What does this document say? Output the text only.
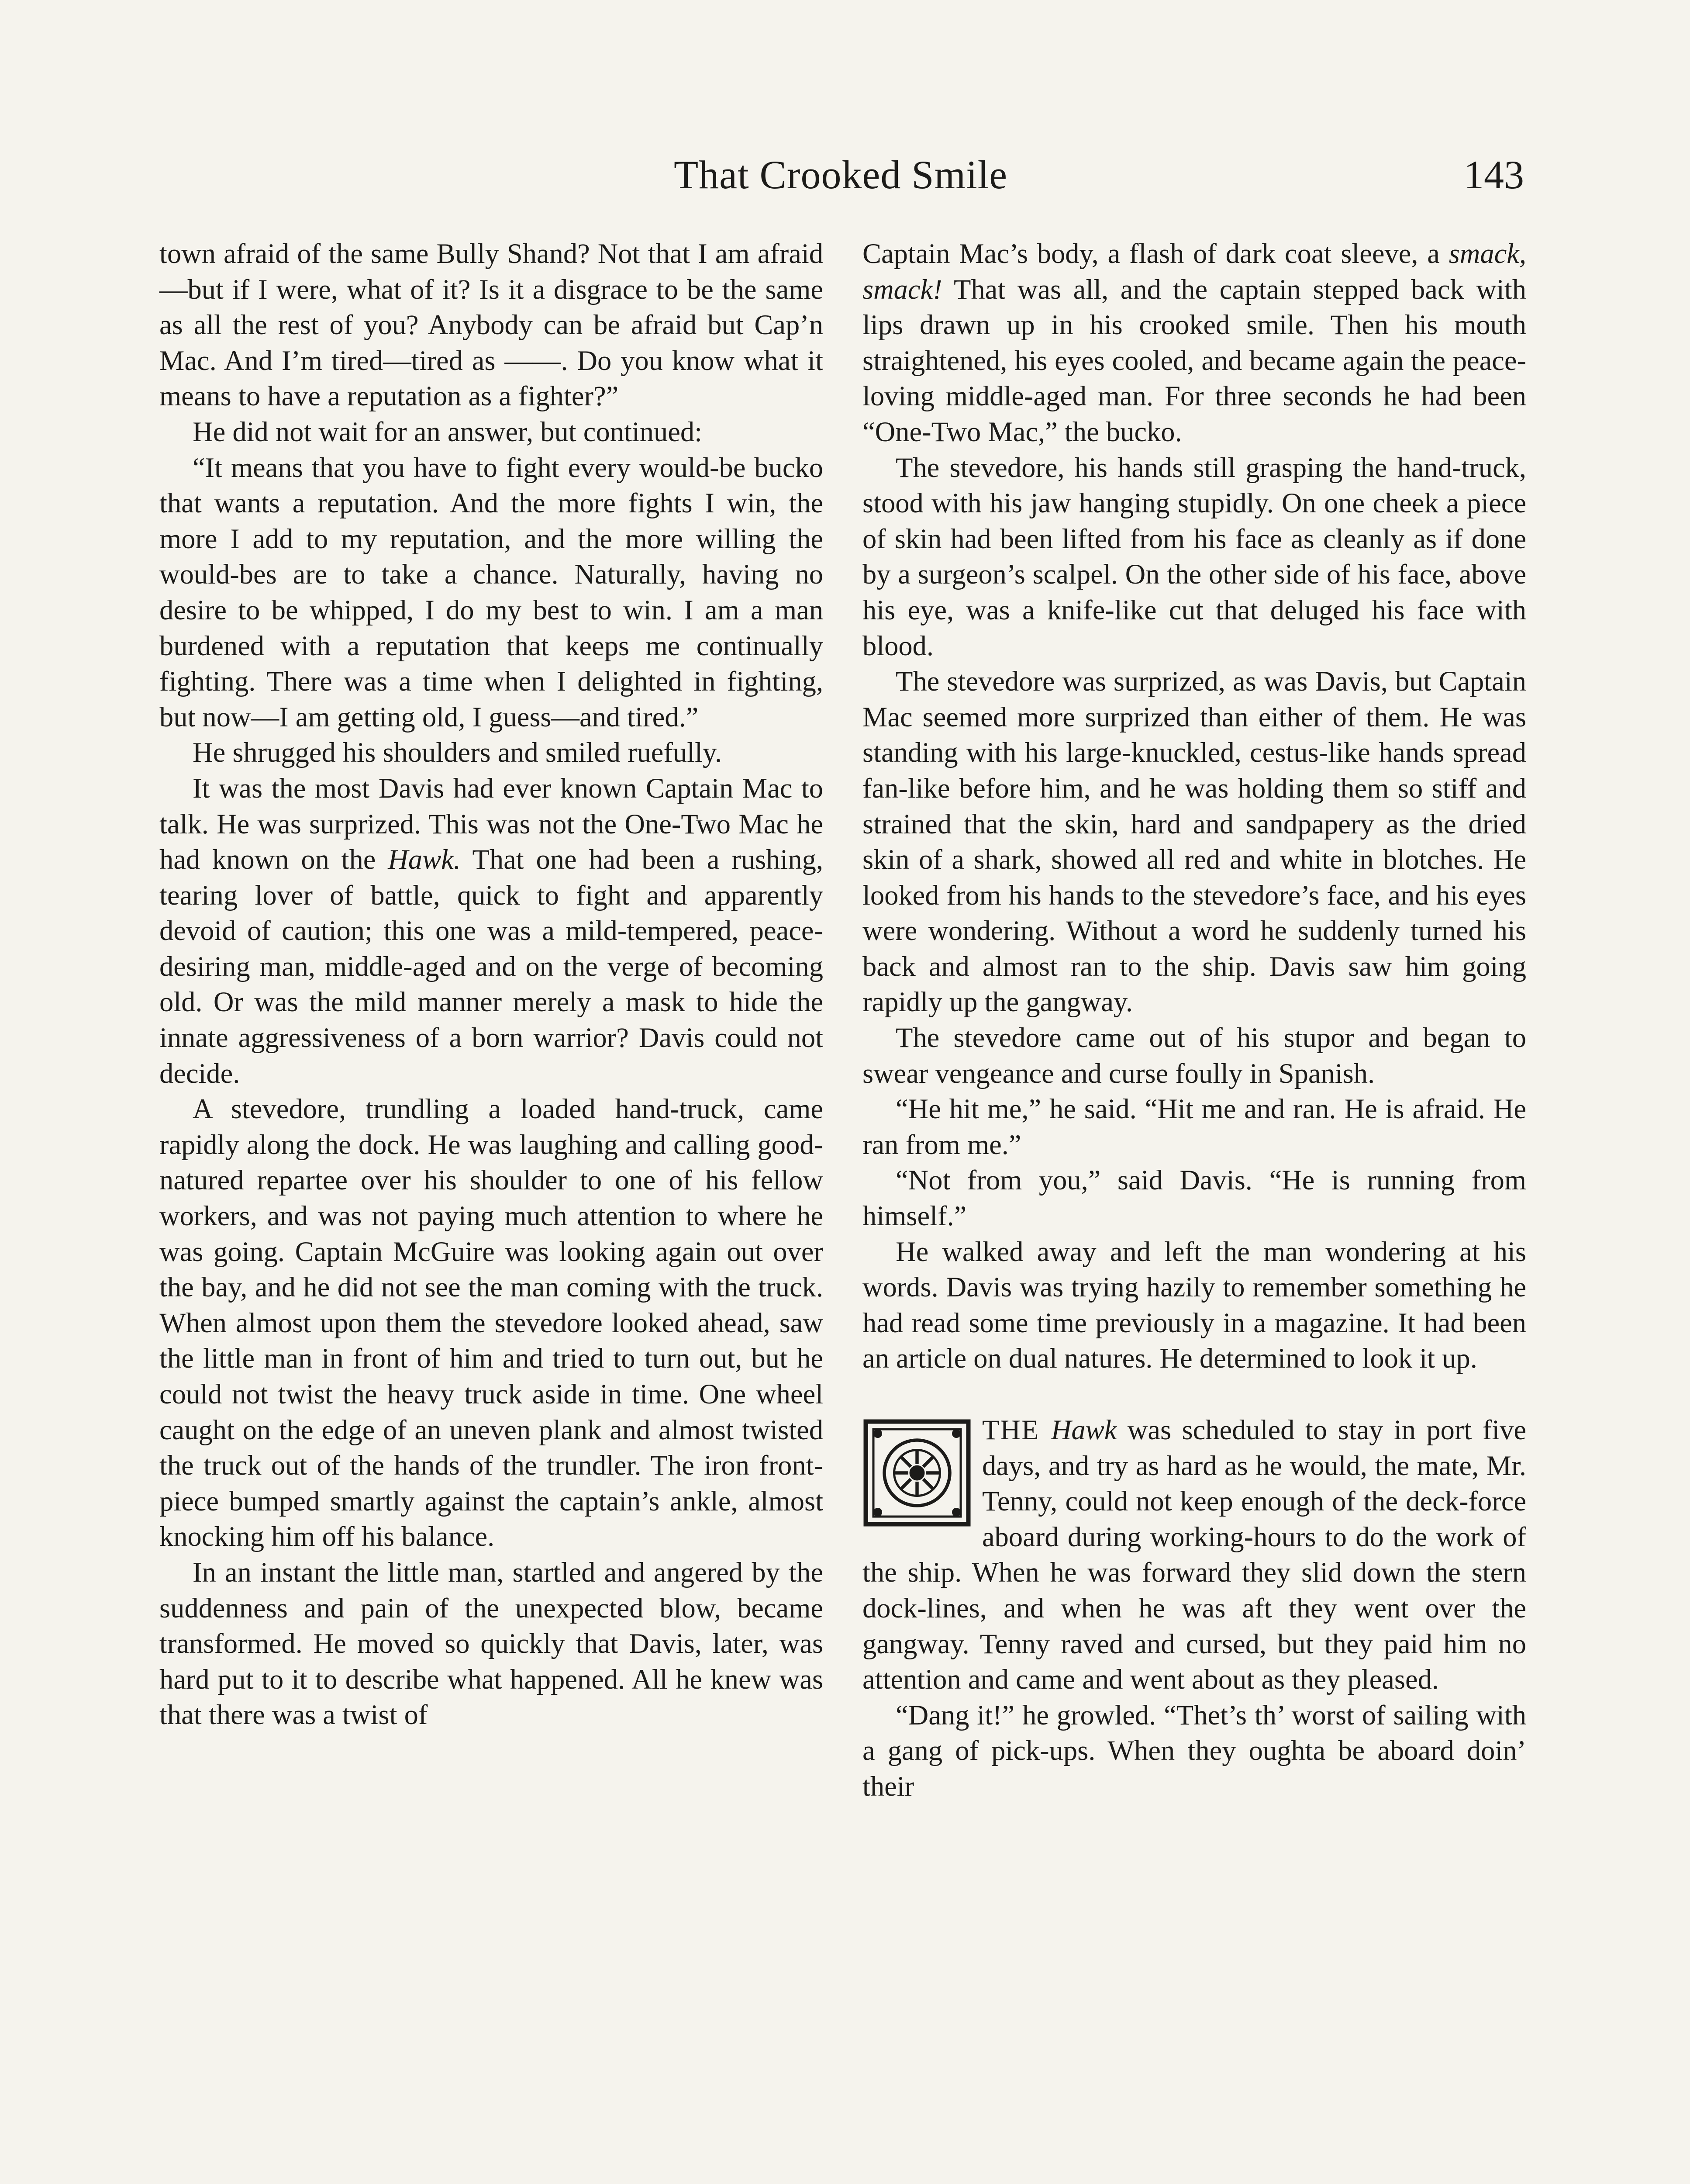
That Crooked Smile	143

town afraid of the same Bully Shand? Not that I am afraid—but if I were, what of it? Is it a disgrace to be the same as all the rest of you? Anybody can be afraid but Cap’n Mac. And I’m tired—tired as ——. Do you know what it means to have a reputation as a fighter?”

He did not wait for an answer, but continued:

“It means that you have to fight every would-be bucko that wants a reputation. And the more fights I win, the more I add to my reputation, and the more willing the would-bes are to take a chance. Naturally, having no desire to be whipped, I do my best to win. I am a man burdened with a reputation that keeps me continually fighting. There was a time when I delighted in fighting, but now—I am getting old, I guess—and tired.”

He shrugged his shoulders and smiled ruefully.

It was the most Davis had ever known Captain Mac to talk. He was surprized. This was not the One-Two Mac he had known on the Hawk. That one had been a rushing, tearing lover of battle, quick to fight and apparently devoid of caution; this one was a mild-tempered, peace-desiring man, middle-aged and on the verge of becoming old. Or was the mild manner merely a mask to hide the innate aggressiveness of a born warrior? Davis could not decide.

A stevedore, trundling a loaded hand-truck, came rapidly along the dock. He was laughing and calling good-natured repartee over his shoulder to one of his fellow workers, and was not paying much attention to where he was going. Captain McGuire was looking again out over the bay, and he did not see the man coming with the truck. When almost upon them the stevedore looked ahead, saw the little man in front of him and tried to turn out, but he could not twist the heavy truck aside in time. One wheel caught on the edge of an uneven plank and almost twisted the truck out of the hands of the trundler. The iron front-piece bumped smartly against the captain’s ankle, almost knocking him off his balance.

In an instant the little man, startled and angered by the suddenness and pain of the unexpected blow, became transformed. He moved so quickly that Davis, later, was hard put to it to describe what happened. All he knew was that there was a twist of

Captain Mac’s body, a flash of dark coat sleeve, a smack, smack! That was all, and the captain stepped back with lips drawn up in his crooked smile. Then his mouth straightened, his eyes cooled, and became again the peace-loving middle-aged man. For three seconds he had been “One-Two Mac,” the bucko.

The stevedore, his hands still grasping the hand-truck, stood with his jaw hanging stupidly. On one cheek a piece of skin had been lifted from his face as cleanly as if done by a surgeon’s scalpel. On the other side of his face, above his eye, was a knife-like cut that deluged his face with blood.

The stevedore was surprized, as was Davis, but Captain Mac seemed more surprized than either of them. He was standing with his large-knuckled, cestus-like hands spread fan-like before him, and he was holding them so stiff and strained that the skin, hard and sandpapery as the dried skin of a shark, showed all red and white in blotches. He looked from his hands to the stevedore’s face, and his eyes were wondering. Without a word he suddenly turned his back and almost ran to the ship. Davis saw him going rapidly up the gangway.

The stevedore came out of his stupor and began to swear vengeance and curse foully in Spanish.

“He hit me,” he said. “Hit me and ran. He is afraid. He ran from me.”

“Not from you,” said Davis. “He is running from himself.”

He walked away and left the man wondering at his words. Davis was trying hazily to remember something he had read some time previously in a magazine. It had been an article on dual natures. He determined to look it up.

THE Hawk was scheduled to stay in port five days, and try as hard as he would, the mate, Mr. Tenny, could not keep enough of the deck-force aboard during working-hours to do the work of the ship. When he was forward they slid down the stern dock-lines, and when he was aft they went over the gangway. Tenny raved and cursed, but they paid him no attention and came and went about as they pleased.

“Dang it!” he growled. “Thet’s th’ worst of sailing with a gang of pick-ups. When they oughta be aboard doin’ their
